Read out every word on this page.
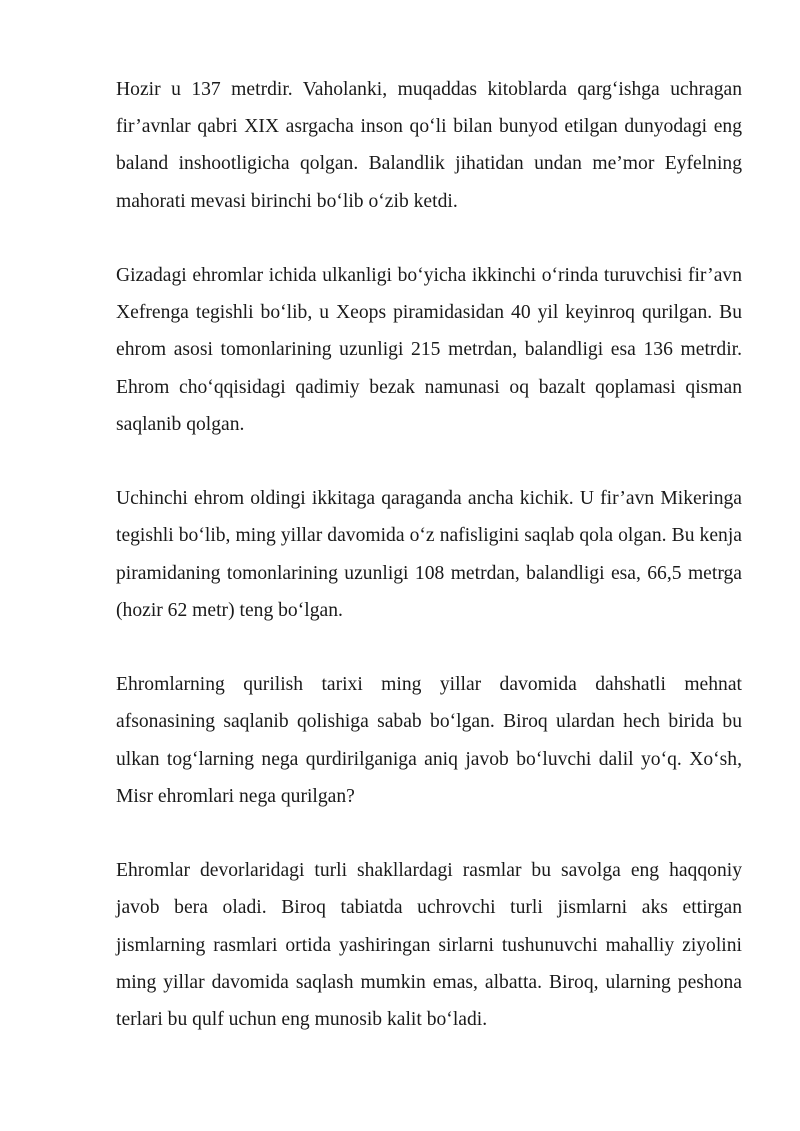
Hozir u 137 metrdir. Vaholanki, muqaddas kitoblarda qarg‘ishga uchragan fir’avnlar qabri XIX asrgacha inson qo‘li bilan bunyod etilgan dunyodagi eng baland inshootligicha qolgan. Balandlik jihatidan undan me’mor Eyfelning mahorati mevasi birinchi bo‘lib o‘zib ketdi.

Gizadagi ehromlar ichida ulkanligi bo‘yicha ikkinchi o‘rinda turuvchisi fir’avn Xefrenga tegishli bo‘lib, u Xeops piramidasidan 40 yil keyinroq qurilgan. Bu ehrom asosi tomonlarining uzunligi 215 metrdan, balandligi esa 136 metrdir. Ehrom cho‘qqisidagi qadimiy bezak namunasi oq bazalt qoplamasi qisman saqlanib qolgan.

Uchinchi ehrom oldingi ikkitaga qaraganda ancha kichik. U fir’avn Mikeringa tegishli bo‘lib, ming yillar davomida o‘z nafisligini saqlab qola olgan. Bu kenja piramidaning tomonlarining uzunligi 108 metrdan, balandligi esa, 66,5 metrga (hozir 62 metr) teng bo‘lgan.

Ehromlarning qurilish tarixi ming yillar davomida dahshatli mehnat afsonasining saqlanib qolishiga sabab bo‘lgan. Biroq ulardan hech birida bu ulkan tog‘larning nega qurdirilganiga aniq javob bo‘luvchi dalil yo‘q. Xo‘sh, Misr ehromlari nega qurilgan?

Ehromlar devorlaridagi turli shakllardagi rasmlar bu savolga eng haqqoniy javob bera oladi. Biroq tabiatda uchrovchi turli jismlarni aks ettirgan jismlarning rasmlari ortida yashiringan sirlarni tushunuvchi mahalliy ziyolini ming yillar davomida saqlash mumkin emas, albatta. Biroq, ularning peshona terlari bu qulf uchun eng munosib kalit bo‘ladi.
